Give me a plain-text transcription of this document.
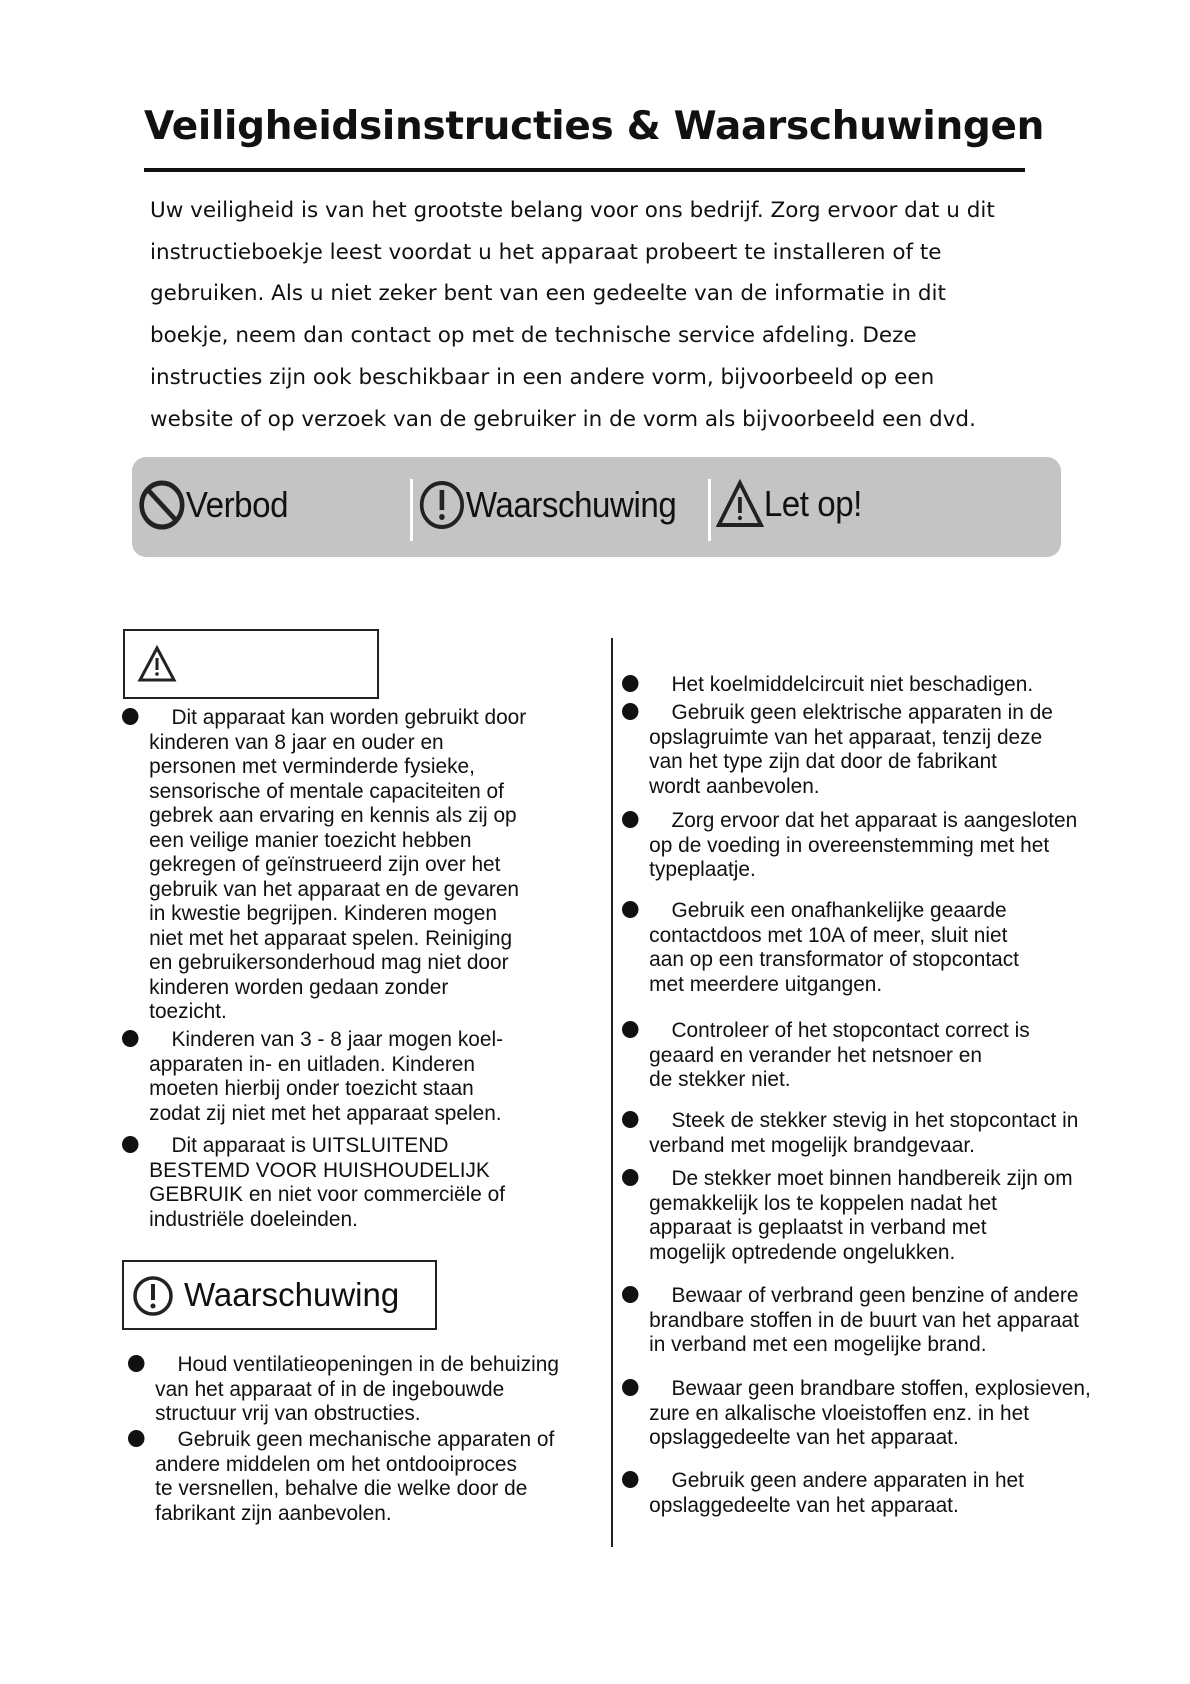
Veiligheidsinstructies & Waarschuwingen
Uw veiligheid is van het grootste belang voor ons bedrijf. Zorg ervoor dat u dit
instructieboekje leest voordat u het apparaat probeert te installeren of te
gebruiken. Als u niet zeker bent van een gedeelte van de informatie in dit
boekje, neem dan contact op met de technische service afdeling. Deze
instructies zijn ook beschikbaar in een andere vorm, bijvoorbeeld op een
website of op verzoek van de gebruiker in de vorm als bijvoorbeeld een dvd.
Verbod	Waarschuwing Let op!
Waarschuwing
Dit apparaat kan worden gebruikt door
kinderen van 8 jaar en ouder en
personen met verminderde fysieke,
sensorische of mentale capaciteiten of
gebrek aan ervaring en kennis als zij op
een veilige manier toezicht hebben
gekregen of geïnstrueerd zijn over het
gebruik van het apparaat en de gevaren
in kwestie begrijpen. Kinderen mogen
niet met het apparaat spelen. Reiniging
en gebruikersonderhoud mag niet door
kinderen worden gedaan zonder
toezicht.
Kinderen van 3 - 8 jaar mogen koel-
apparaten in- en uitladen. Kinderen
moeten hierbij onder toezicht staan
zodat zij niet met het apparaat spelen.
Dit apparaat is UITSLUITEND
BESTEMD VOOR HUISHOUDELIJK
GEBRUIK en niet voor commerciële of
industriële doeleinden.
Houd ventilatieopeningen in de behuizing
van het apparaat of in de ingebouwde
structuur vrij van obstructies.
Gebruik geen mechanische apparaten of
andere middelen om het ontdooiproces
te versnellen, behalve die welke door de
fabrikant zijn aanbevolen.
Het koelmiddelcircuit niet beschadigen.
Gebruik geen elektrische apparaten in de
opslagruimte van het apparaat, tenzij deze
van het type zijn dat door de fabrikant
wordt aanbevolen.
Zorg ervoor dat het apparaat is aangesloten
op de voeding in overeenstemming met het
typeplaatje.
Gebruik een onafhankelijke geaarde
contactdoos met 10A of meer, sluit niet
aan op een transformator of stopcontact
met meerdere uitgangen.
Controleer of het stopcontact correct is
geaard en verander het netsnoer en
de stekker niet.
Steek de stekker stevig in het stopcontact in
verband met mogelijk brandgevaar.
De stekker moet binnen handbereik zijn om
gemakkelijk los te koppelen nadat het
apparaat is geplaatst in verband met
mogelijk optredende ongelukken.
Bewaar of verbrand geen benzine of andere
brandbare stoffen in de buurt van het apparaat
in verband met een mogelijke brand.
Bewaar geen brandbare stoffen, explosieven,
zure en alkalische vloeistoffen enz. in het
opslaggedeelte van het apparaat.
Gebruik geen andere apparaten in het
opslaggedeelte van het apparaat.
